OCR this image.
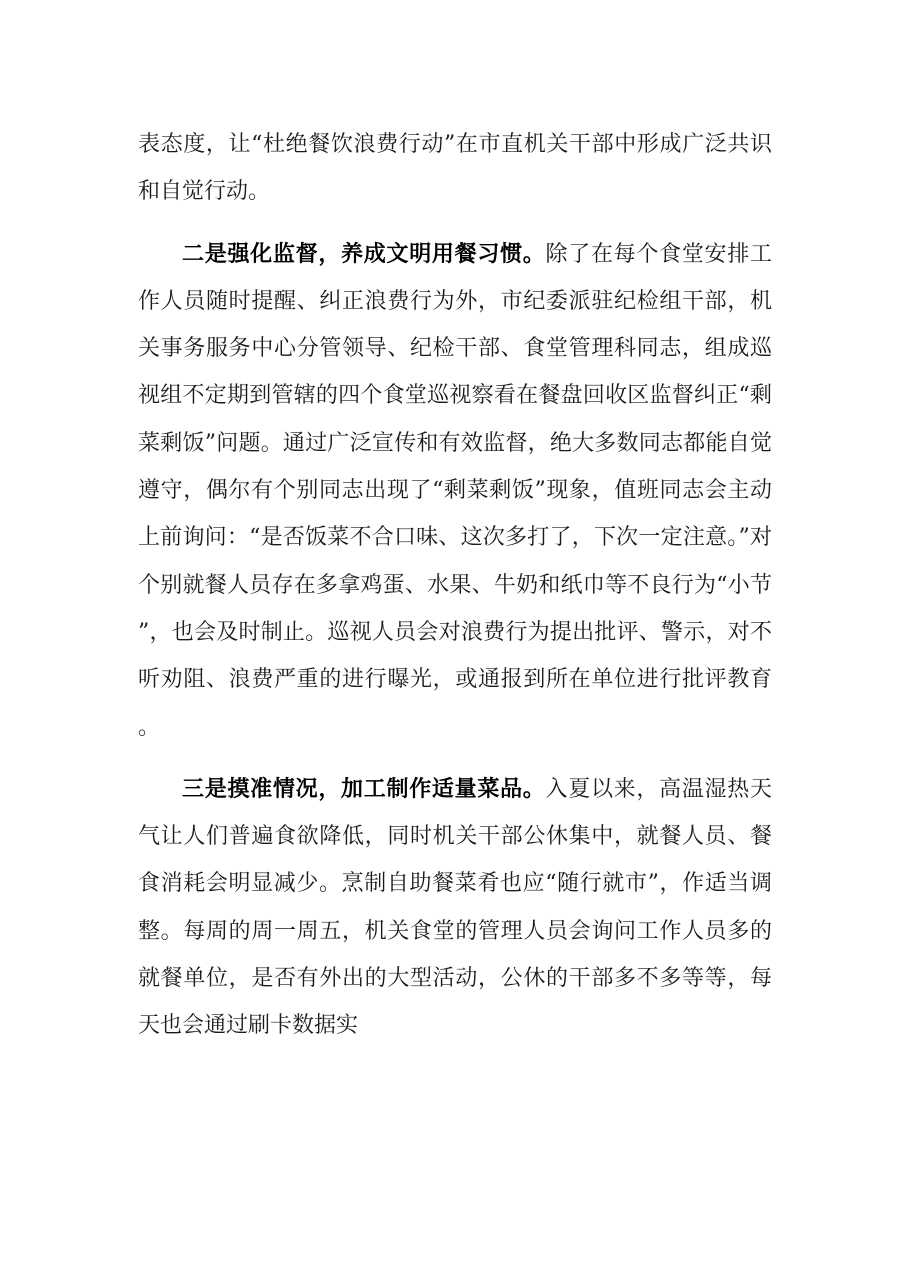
表态度，让“杜绝餐饮浪费行动”在市直机关干部中形成广泛共识和自觉行动。

二是强化监督，养成文明用餐习惯。除了在每个食堂安排工作人员随时提醒、纠正浪费行为外，市纪委派驻纪检组干部，机关事务服务中心分管领导、纪检干部、食堂管理科同志，组成巡视组不定期到管辖的四个食堂巡视察看在餐盘回收区监督纠正“剩菜剩饭”问题。通过广泛宣传和有效监督，绝大多数同志都能自觉遵守，偶尔有个别同志出现了“剩菜剩饭”现象，值班同志会主动上前询问：“是否饭菜不合口味、这次多打了，下次一定注意。”对个别就餐人员存在多拿鸡蛋、水果、牛奶和纸巾等不良行为“小节”，也会及时制止。巡视人员会对浪费行为提出批评、警示，对不听劝阻、浪费严重的进行曝光，或通报到所在单位进行批评教育。

三是摸准情况，加工制作适量菜品。入夏以来，高温湿热天气让人们普遍食欲降低，同时机关干部公休集中，就餐人员、餐食消耗会明显减少。烹制自助餐菜肴也应“随行就市”，作适当调整。每周的周一周五，机关食堂的管理人员会询问工作人员多的就餐单位，是否有外出的大型活动，公休的干部多不多等等，每天也会通过刷卡数据实
